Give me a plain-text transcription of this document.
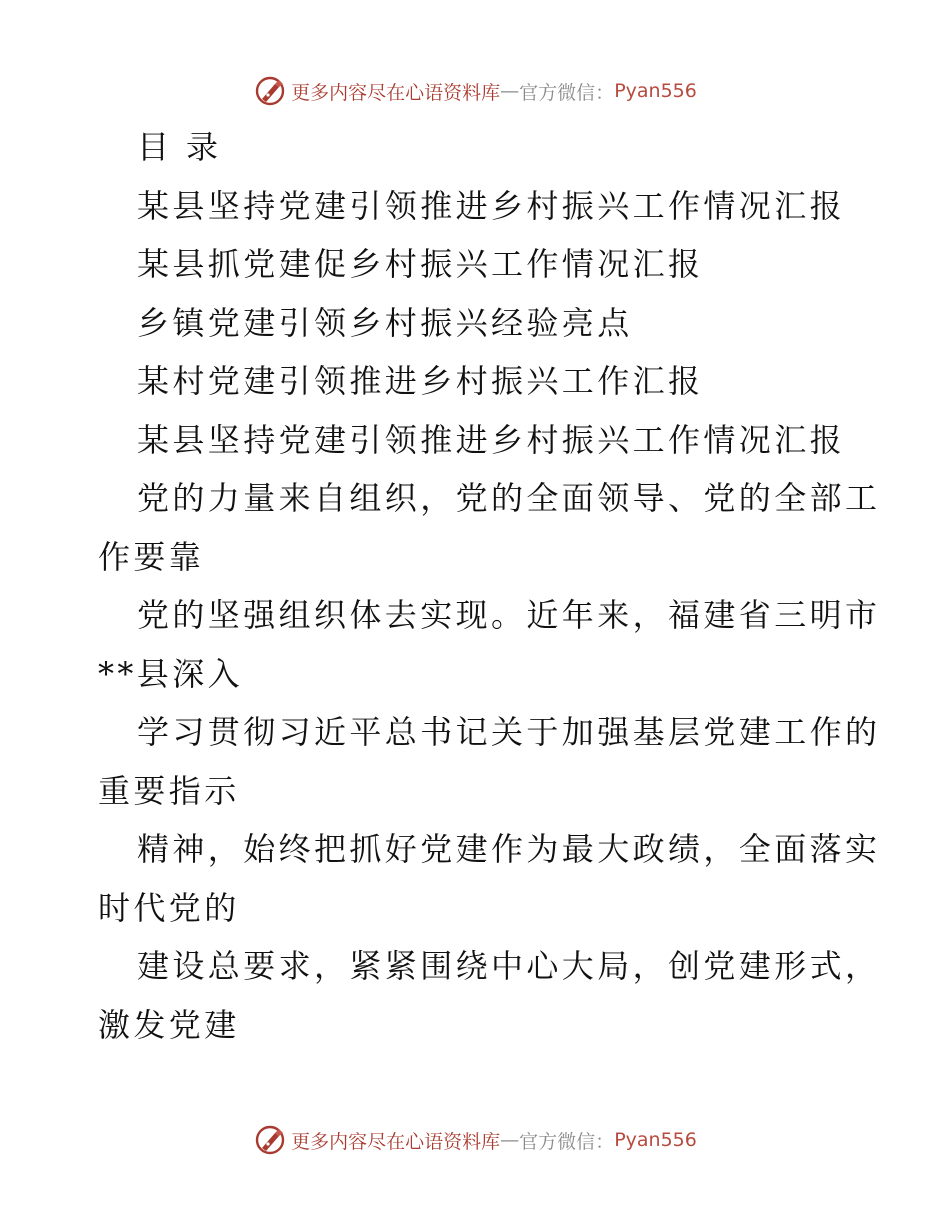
更多内容尽在心语资料库 — 官方微信： Pyan556
目 录
某县坚持党建引领推进乡村振兴工作情况汇报
某县抓党建促乡村振兴工作情况汇报
乡镇党建引领乡村振兴经验亮点
某村党建引领推进乡村振兴工作汇报
某县坚持党建引领推进乡村振兴工作情况汇报
党的力量来自组织，党的全面领导、党的全部工
作要靠
党的坚强组织体去实现。近年来，福建省三明市
**县深入
学习贯彻习近平总书记关于加强基层党建工作的
重要指示
精神，始终把抓好党建作为最大政绩，全面落实
时代党的
建设总要求，紧紧围绕中心大局，创党建形式，
激发党建
更多内容尽在心语资料库 — 官方微信： Pyan556
